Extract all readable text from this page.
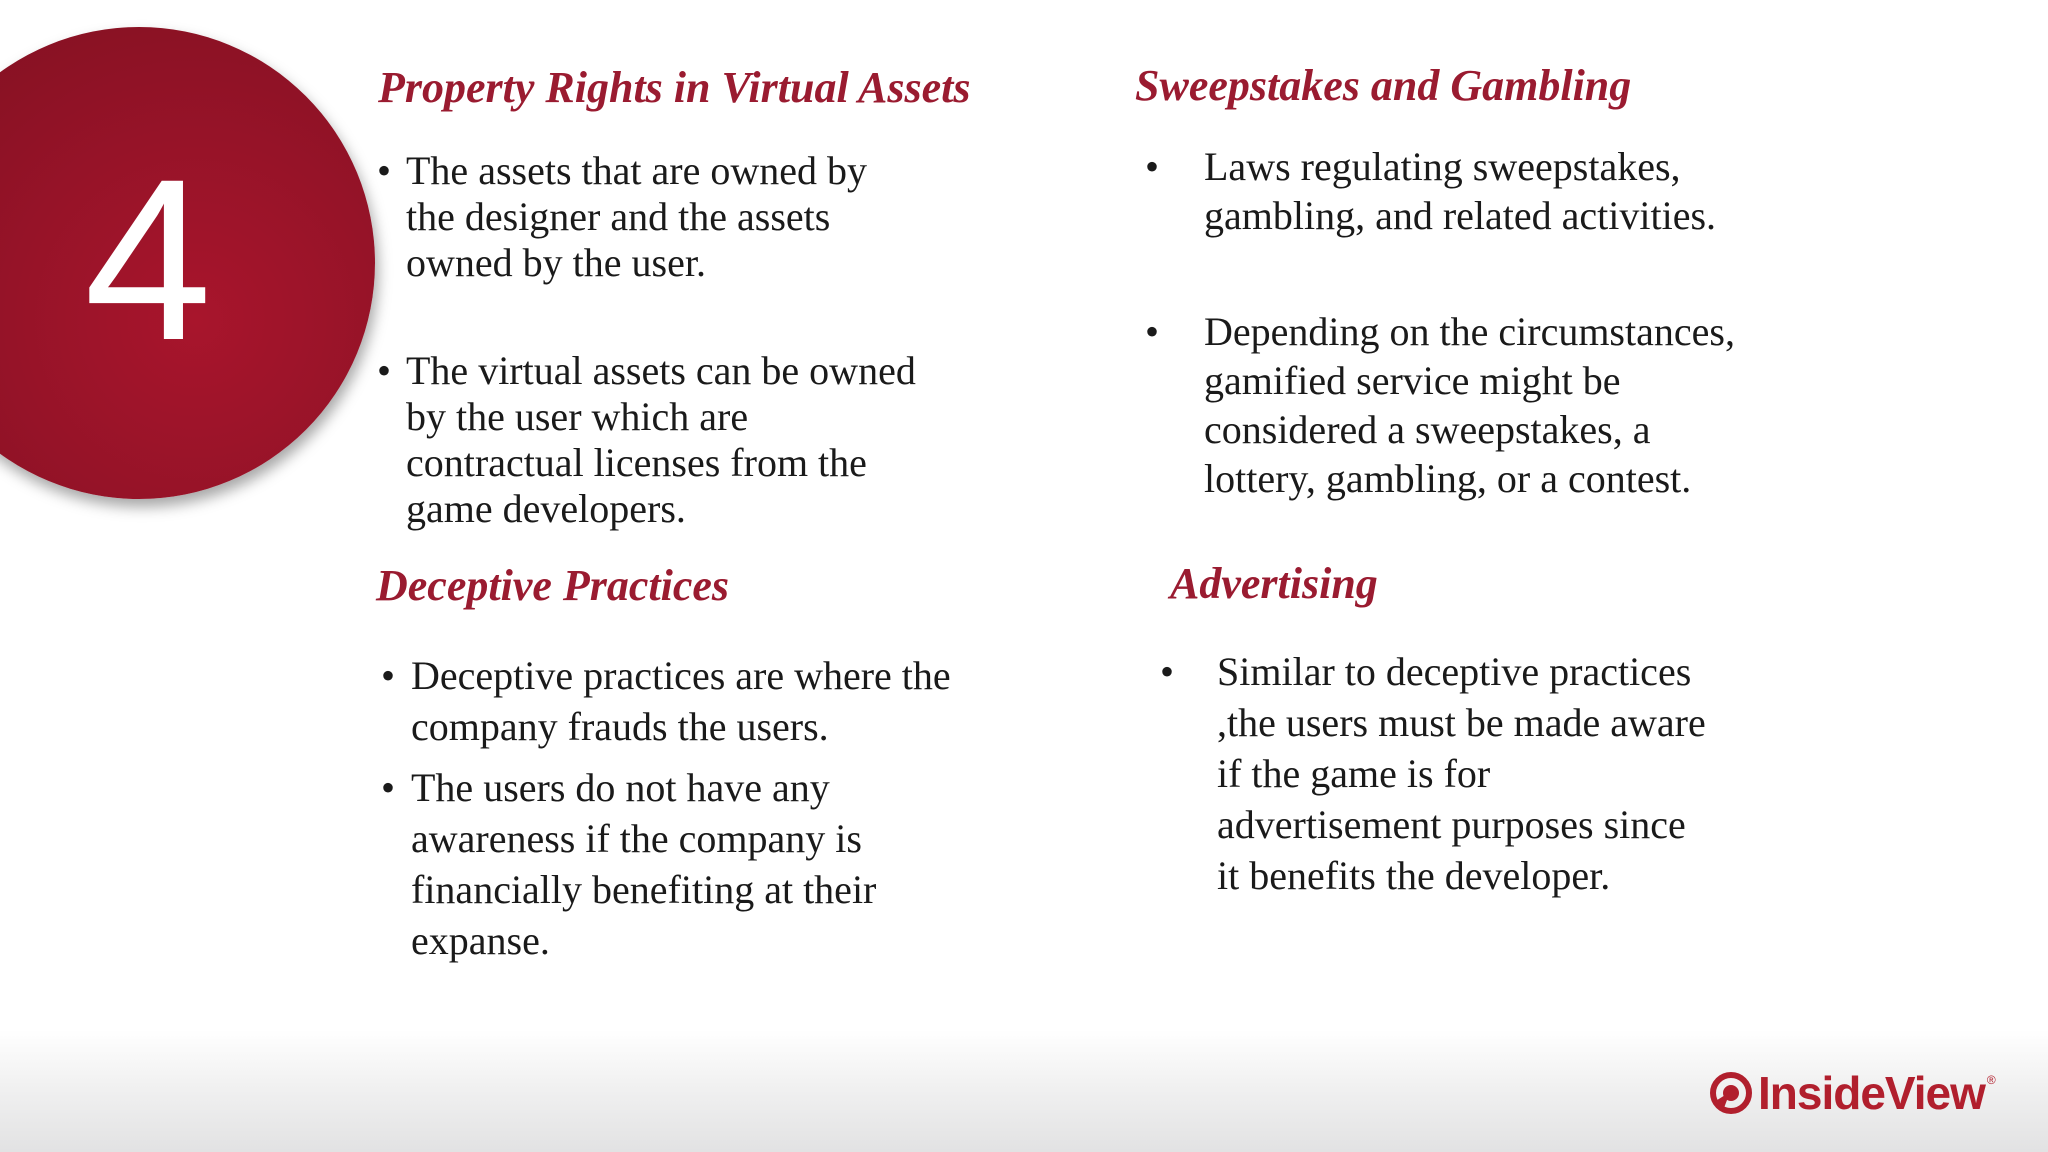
4
Property Rights in Virtual Assets
• The assets that are owned by
the designer and the assets
owned by the user.
• The virtual assets can be owned
by the user which are
contractual licenses from the
game developers.
Sweepstakes and Gambling
• Laws regulating sweepstakes,
gambling, and related activities.
• Depending on the circumstances,
gamified service might be
considered a sweepstakes, a
lottery, gambling, or a contest.
Deceptive Practices
• Deceptive practices are where the
company frauds the users.
• The users do not have any
awareness if the company is
financially benefiting at their
expanse.
Advertising
• Similar to deceptive practices
,the users must be made aware
if the game is for
advertisement purposes since
it benefits the developer.
InsideView ®
